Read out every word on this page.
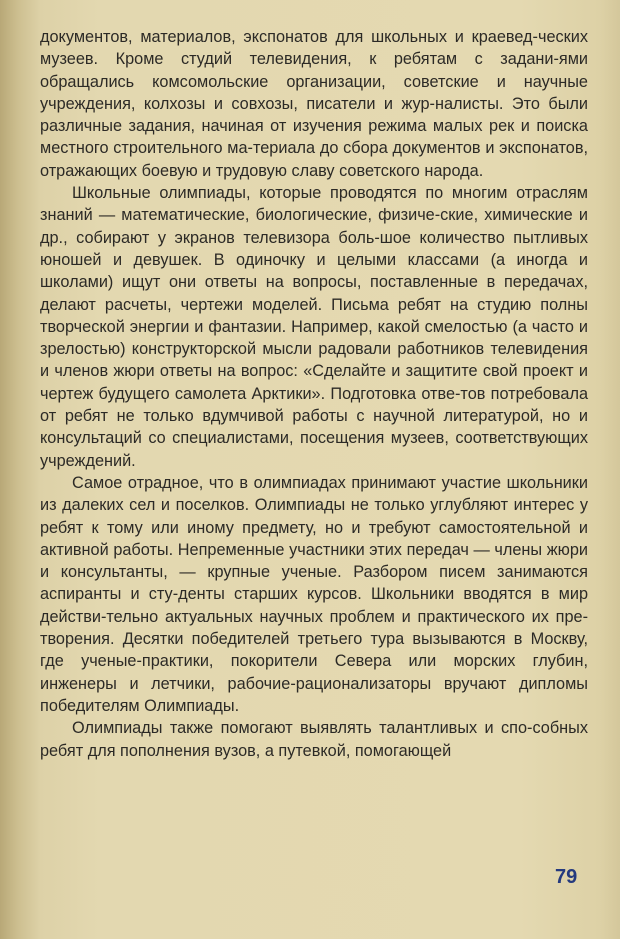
документов, материалов, экспонатов для школьных и краевед-ческих музеев. Кроме студий телевидения, к ребятам с задани-ями обращались комсомольские организации, советские и научные учреждения, колхозы и совхозы, писатели и жур-налисты. Это были различные задания, начиная от изучения режима малых рек и поиска местного строительного ма-териала до сбора документов и экспонатов, отражающих боевую и трудовую славу советского народа.

Школьные олимпиады, которые проводятся по многим отраслям знаний — математические, биологические, физиче-ские, химические и др., собирают у экранов телевизора боль-шое количество пытливых юношей и девушек. В одиночку и целыми классами (а иногда и школами) ищут они ответы на вопросы, поставленные в передачах, делают расчеты, чертежи моделей. Письма ребят на студию полны творческой энергии и фантазии. Например, какой смелостью (а часто и зрелостью) конструкторской мысли радовали работников телевидения и членов жюри ответы на вопрос: «Сделайте и защитите свой проект и чертеж будущего самолета Арктики». Подготовка отве-тов потребовала от ребят не только вдумчивой работы с научной литературой, но и консультаций со специалистами, посещения музеев, соответствующих учреждений.

Самое отрадное, что в олимпиадах принимают участие школьники из далеких сел и поселков. Олимпиады не только углубляют интерес у ребят к тому или иному предмету, но и требуют самостоятельной и активной работы. Непременные участники этих передач — члены жюри и консультанты, — крупные ученые. Разбором писем занимаются аспиранты и сту-денты старших курсов. Школьники вводятся в мир действи-тельно актуальных научных проблем и практического их пре-творения. Десятки победителей третьего тура вызываются в Москву, где ученые-практики, покорители Севера или морских глубин, инженеры и летчики, рабочие-рационализаторы вручают дипломы победителям Олимпиады.

Олимпиады также помогают выявлять талантливых и спо-собных ребят для пополнения вузов, а путевкой, помогающей

79
